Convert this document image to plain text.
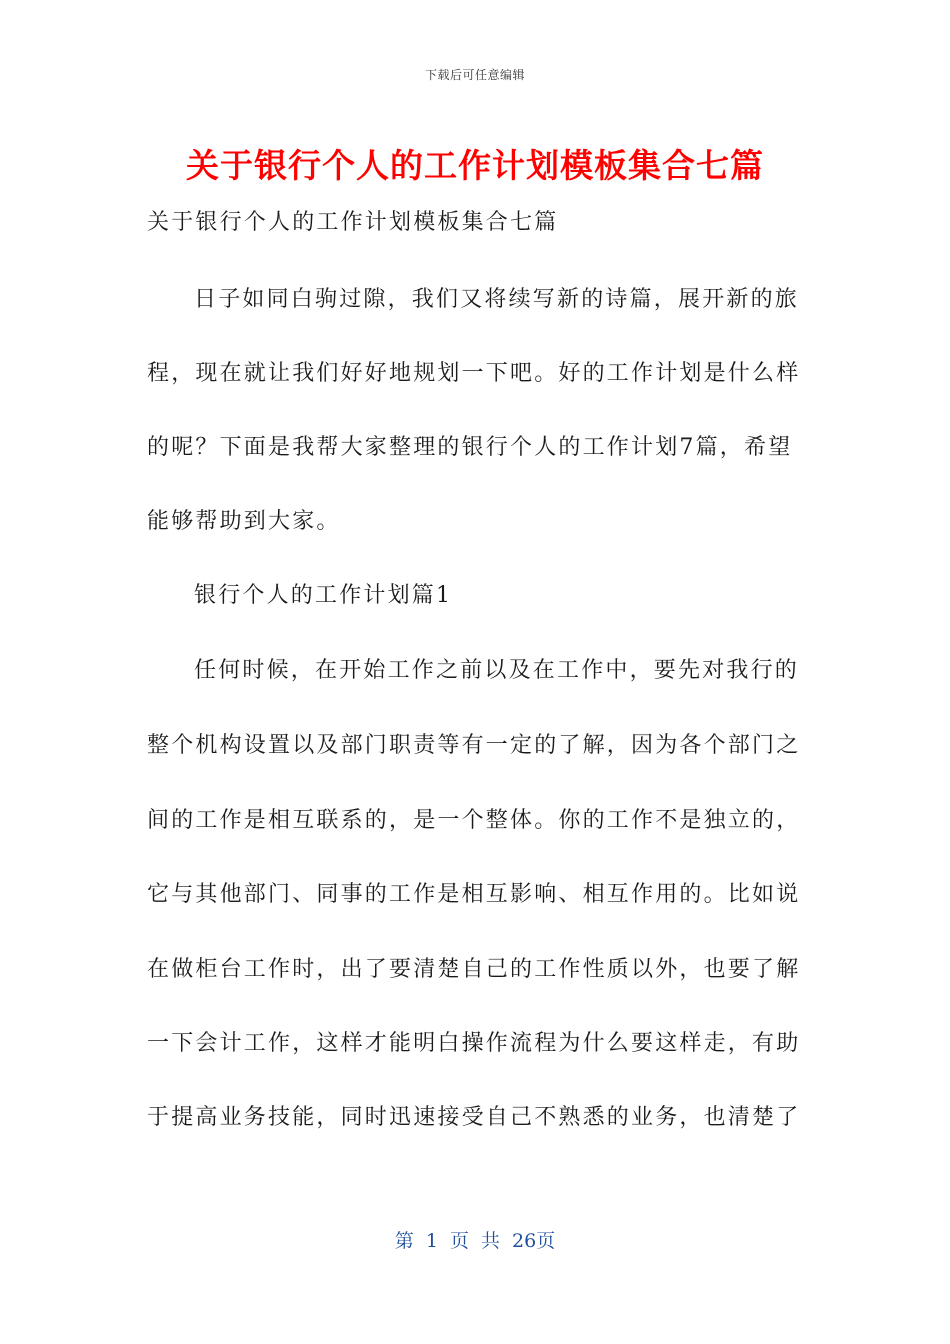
下载后可任意编辑
关于银行个人的工作计划模板集合七篇
关于银行个人的工作计划模板集合七篇
日子如同白驹过隙，我们又将续写新的诗篇，展开新的旅
程，现在就让我们好好地规划一下吧。好的工作计划是什么样
的呢？下面是我帮大家整理的银行个人的工作计划7篇，希望
能够帮助到大家。
银行个人的工作计划篇1
任何时候，在开始工作之前以及在工作中，要先对我行的
整个机构设置以及部门职责等有一定的了解，因为各个部门之
间的工作是相互联系的，是一个整体。你的工作不是独立的，
它与其他部门、同事的工作是相互影响、相互作用的。比如说
在做柜台工作时，出了要清楚自己的工作性质以外，也要了解
一下会计工作，这样才能明白操作流程为什么要这样走，有助
于提高业务技能，同时迅速接受自己不熟悉的业务，也清楚了
第 1 页 共 26页
